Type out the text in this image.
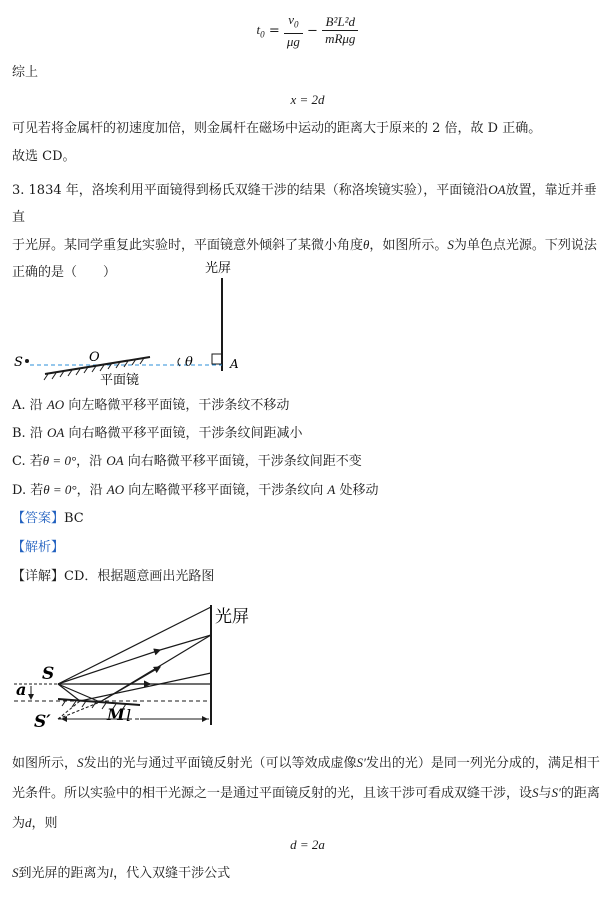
$t_0 = \frac{v_0}{\mu g} - \frac{\text{B²L²d}}{\text{mRμg}}$
综上
x = 2d
可见若将金属杆的初速度加倍，则金属杆在磁场中运动的距离大于原来的 2 倍，故 D 正确。
故选 CD。
3. 1834 年，洛埃利用平面镜得到杨氏双缝干涉的结果（称洛埃镜实验），平面镜沿OA放置，靠近并垂直
于光屏。某同学重复此实验时，平面镜意外倾斜了某微小角度θ，如图所示。S为单色点光源。下列说法
正确的是（　　）	光屏
S	O	θ	A
平面镜
A. 沿 AO 向左略微平移平面镜，干涉条纹不移动
B. 沿 OA 向右略微平移平面镜，干涉条纹间距减小
C. 若θ = 0°，沿 OA 向右略微平移平面镜，干涉条纹间距不变
D. 若θ = 0°，沿 AO 向左略微平移平面镜，干涉条纹向 A 处移动
【答案】BC
【解析】
【详解】CD．根据题意画出光路图
光屏
S
S′
a
M l
如图所示，S发出的光与通过平面镜反射光（可以等效成虚像S′发出的光）是同一列光分成的，满足相干
光条件。所以实验中的相干光源之一是通过平面镜反射的光，且该干涉可看成双缝干涉，设S与S′的距离
为d，则
d = 2a
S到光屏的距离为l，代入双缝干涉公式
